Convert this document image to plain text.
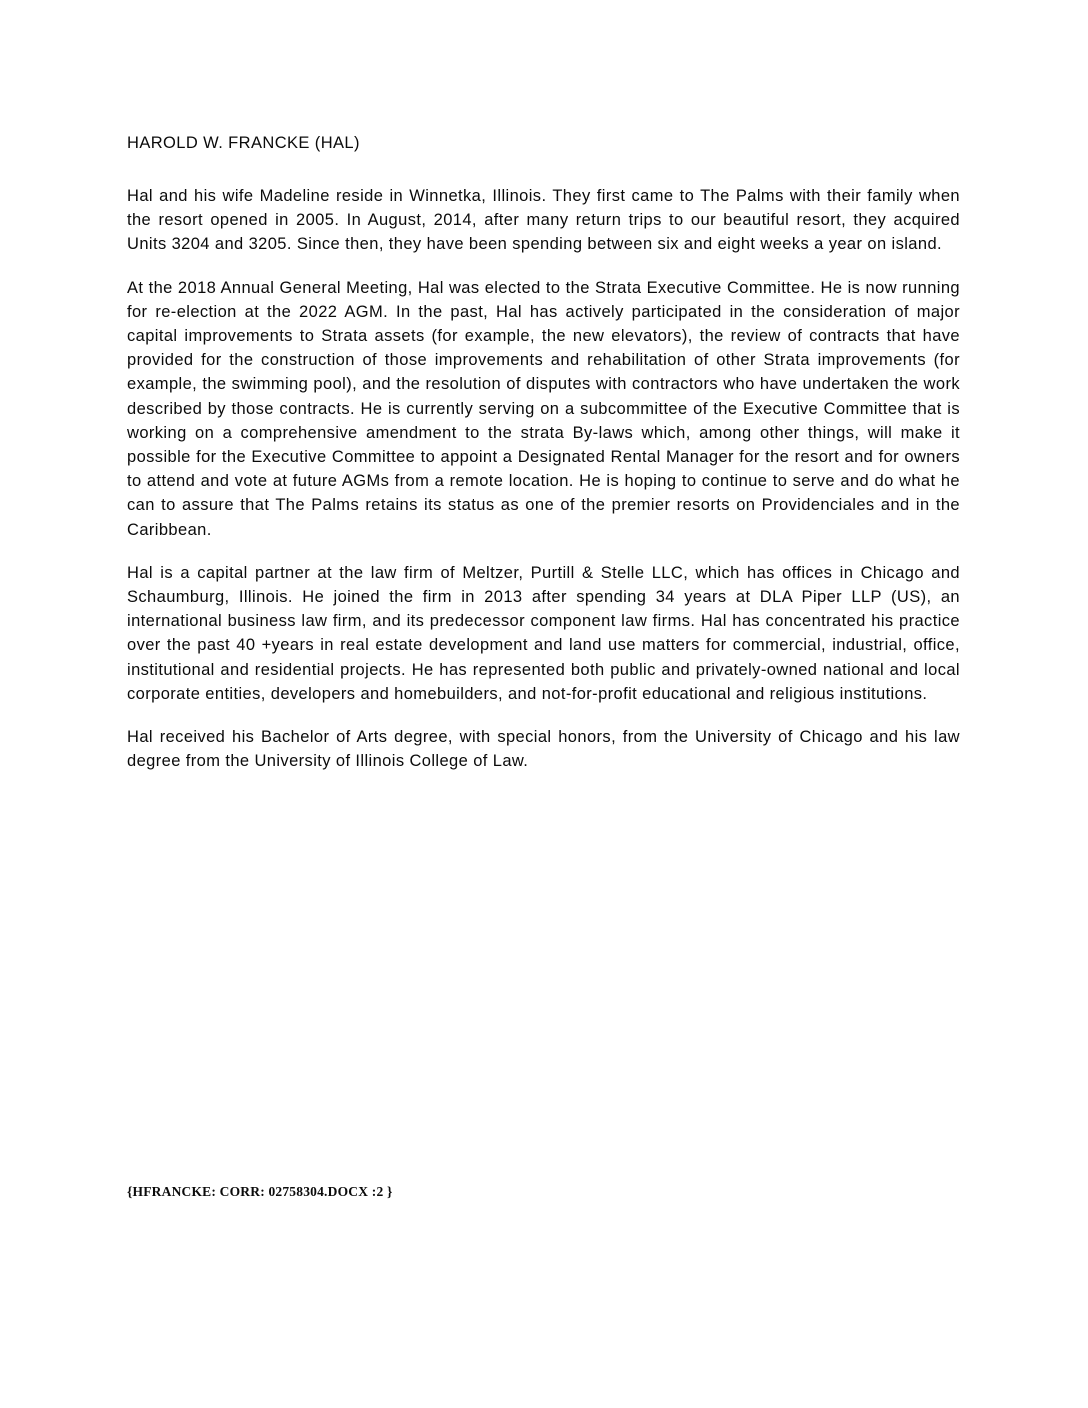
HAROLD W. FRANCKE (HAL)

Hal and his wife Madeline reside in Winnetka, Illinois. They first came to The Palms with their family when the resort opened in 2005. In August, 2014, after many return trips to our beautiful resort, they acquired Units 3204 and 3205. Since then, they have been spending between six and eight weeks a year on island.

At the 2018 Annual General Meeting, Hal was elected to the Strata Executive Committee. He is now running for re-election at the 2022 AGM. In the past, Hal has actively participated in the consideration of major capital improvements to Strata assets (for example, the new elevators), the review of contracts that have provided for the construction of those improvements and rehabilitation of other Strata improvements (for example, the swimming pool), and the resolution of disputes with contractors who have undertaken the work described by those contracts. He is currently serving on a subcommittee of the Executive Committee that is working on a comprehensive amendment to the strata By-laws which, among other things, will make it possible for the Executive Committee to appoint a Designated Rental Manager for the resort and for owners to attend and vote at future AGMs from a remote location. He is hoping to continue to serve and do what he can to assure that The Palms retains its status as one of the premier resorts on Providenciales and in the Caribbean.

Hal is a capital partner at the law firm of Meltzer, Purtill & Stelle LLC, which has offices in Chicago and Schaumburg, Illinois. He joined the firm in 2013 after spending 34 years at DLA Piper LLP (US), an international business law firm, and its predecessor component law firms. Hal has concentrated his practice over the past 40 +years in real estate development and land use matters for commercial, industrial, office, institutional and residential projects. He has represented both public and privately-owned national and local corporate entities, developers and homebuilders, and not-for-profit educational and religious institutions.

Hal received his Bachelor of Arts degree, with special honors, from the University of Chicago and his law degree from the University of Illinois College of Law.

{HFRANCKE: CORR: 02758304.DOCX :2 }
